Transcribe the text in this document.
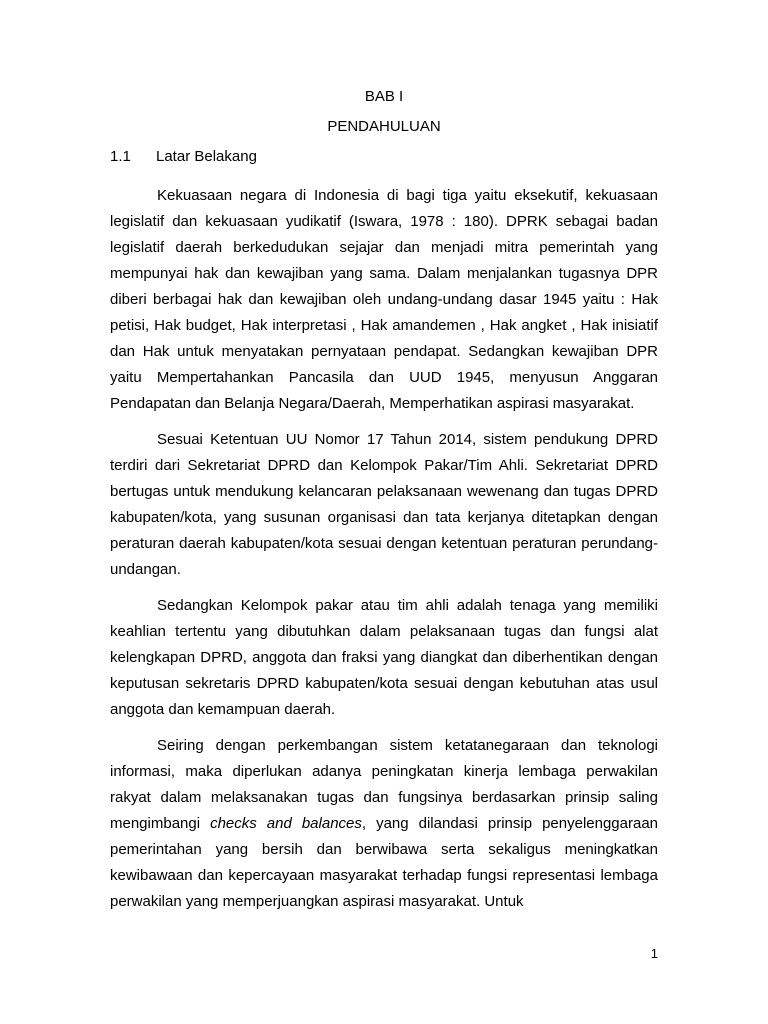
BAB I
PENDAHULUAN
1.1 Latar Belakang

Kekuasaan negara di Indonesia di bagi tiga yaitu eksekutif, kekuasaan legislatif dan kekuasaan yudikatif (Iswara, 1978 : 180). DPRK sebagai badan legislatif daerah berkedudukan sejajar dan menjadi mitra pemerintah yang mempunyai hak dan kewajiban yang sama. Dalam menjalankan tugasnya DPR diberi berbagai hak dan kewajiban oleh undang-undang dasar 1945 yaitu : Hak petisi, Hak budget, Hak interpretasi , Hak amandemen , Hak angket , Hak inisiatif dan Hak untuk menyatakan pernyataan pendapat. Sedangkan kewajiban DPR yaitu Mempertahankan Pancasila dan UUD 1945, menyusun Anggaran Pendapatan dan Belanja Negara/Daerah, Memperhatikan aspirasi masyarakat.

Sesuai Ketentuan UU Nomor 17 Tahun 2014, sistem pendukung DPRD terdiri dari Sekretariat DPRD dan Kelompok Pakar/Tim Ahli. Sekretariat DPRD bertugas untuk mendukung kelancaran pelaksanaan wewenang dan tugas DPRD kabupaten/kota, yang susunan organisasi dan tata kerjanya ditetapkan dengan peraturan daerah kabupaten/kota sesuai dengan ketentuan peraturan perundang-undangan.

Sedangkan Kelompok pakar atau tim ahli adalah tenaga yang memiliki keahlian tertentu yang dibutuhkan dalam pelaksanaan tugas dan fungsi alat kelengkapan DPRD, anggota dan fraksi yang diangkat dan diberhentikan dengan keputusan sekretaris DPRD kabupaten/kota sesuai dengan kebutuhan atas usul anggota dan kemampuan daerah.

Seiring dengan perkembangan sistem ketatanegaraan dan teknologi informasi, maka diperlukan adanya peningkatan kinerja lembaga perwakilan rakyat dalam melaksanakan tugas dan fungsinya berdasarkan prinsip saling mengimbangi checks and balances, yang dilandasi prinsip penyelenggaraan pemerintahan yang bersih dan berwibawa serta sekaligus meningkatkan kewibawaan dan kepercayaan masyarakat terhadap fungsi representasi lembaga perwakilan yang memperjuangkan aspirasi masyarakat. Untuk

1
